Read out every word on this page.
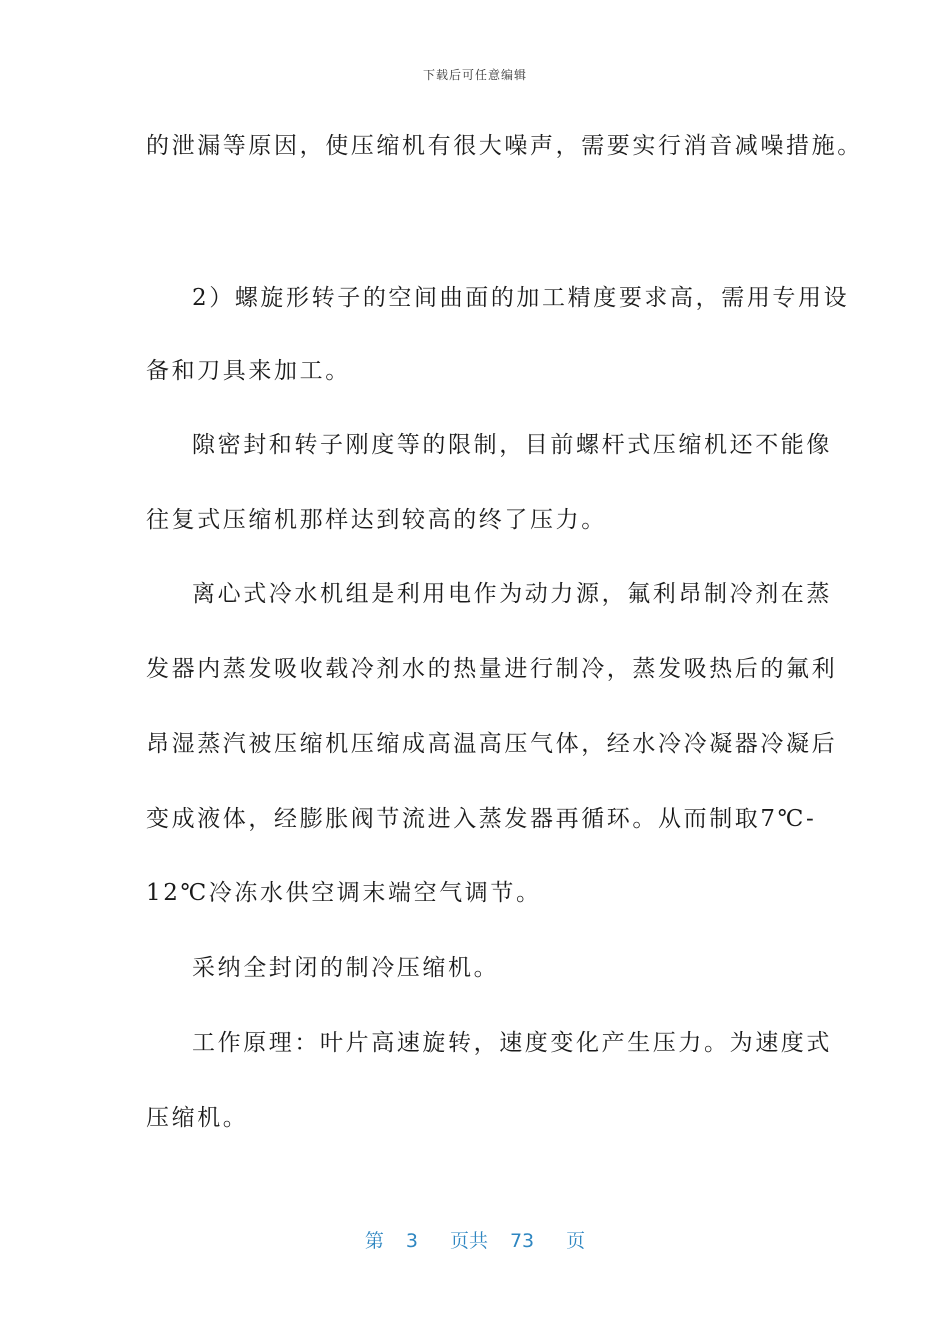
下载后可任意编辑
的泄漏等原因，使压缩机有很大噪声，需要实行消音减噪措施。
2）螺旋形转子的空间曲面的加工精度要求高，需用专用设
备和刀具来加工。
隙密封和转子刚度等的限制，目前螺杆式压缩机还不能像
往复式压缩机那样达到较高的终了压力。
离心式冷水机组是利用电作为动力源，氟利昂制冷剂在蒸
发器内蒸发吸收载冷剂水的热量进行制冷，蒸发吸热后的氟利
昂湿蒸汽被压缩机压缩成高温高压气体，经水冷冷凝器冷凝后
变成液体，经膨胀阀节流进入蒸发器再循环。从而制取7℃-
12℃冷冻水供空调末端空气调节。
采纳全封闭的制冷压缩机。
工作原理：叶片高速旋转，速度变化产生压力。为速度式
压缩机。
第 3 页共 73 页
